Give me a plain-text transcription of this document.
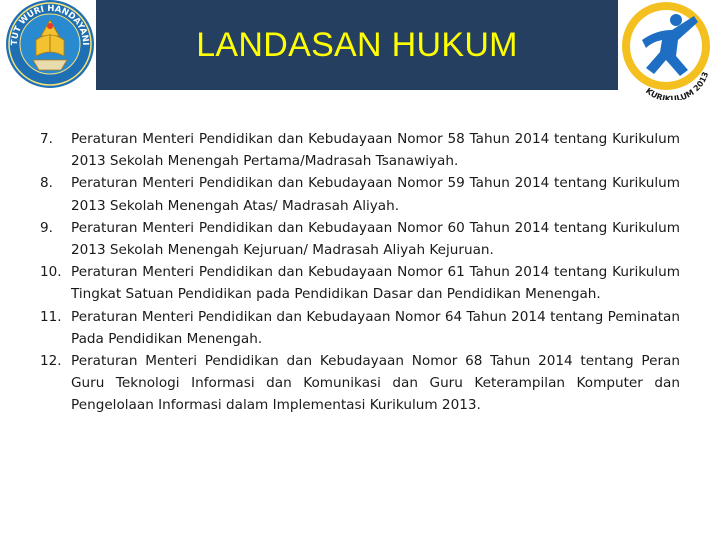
TUT WURI HANDAYANI	LANDASAN HUKUM
KURIKULUM 2013
7.	Peraturan Menteri Pendidikan dan Kebudayaan Nomor 58 Tahun 2014 tentang Kurikulum 2013 Sekolah Menengah Pertama/Madrasah Tsanawiyah.
8.	Peraturan Menteri Pendidikan dan Kebudayaan Nomor 59 Tahun 2014 tentang Kurikulum 2013 Sekolah Menengah Atas/ Madrasah Aliyah.
9.	Peraturan Menteri Pendidikan dan Kebudayaan Nomor 60 Tahun 2014 tentang Kurikulum 2013 Sekolah Menengah Kejuruan/ Madrasah Aliyah Kejuruan.
10. Peraturan Menteri Pendidikan dan Kebudayaan Nomor 61 Tahun 2014 tentang Kurikulum Tingkat Satuan Pendidikan pada Pendidikan Dasar dan Pendidikan Menengah.
11. Peraturan Menteri Pendidikan dan Kebudayaan Nomor 64 Tahun 2014 tentang Peminatan Pada Pendidikan Menengah.
12. Peraturan Menteri Pendidikan dan Kebudayaan Nomor 68 Tahun 2014 tentang Peran Guru Teknologi Informasi dan Komunikasi dan Guru Keterampilan Komputer dan Pengelolaan Informasi dalam Implementasi Kurikulum 2013.
